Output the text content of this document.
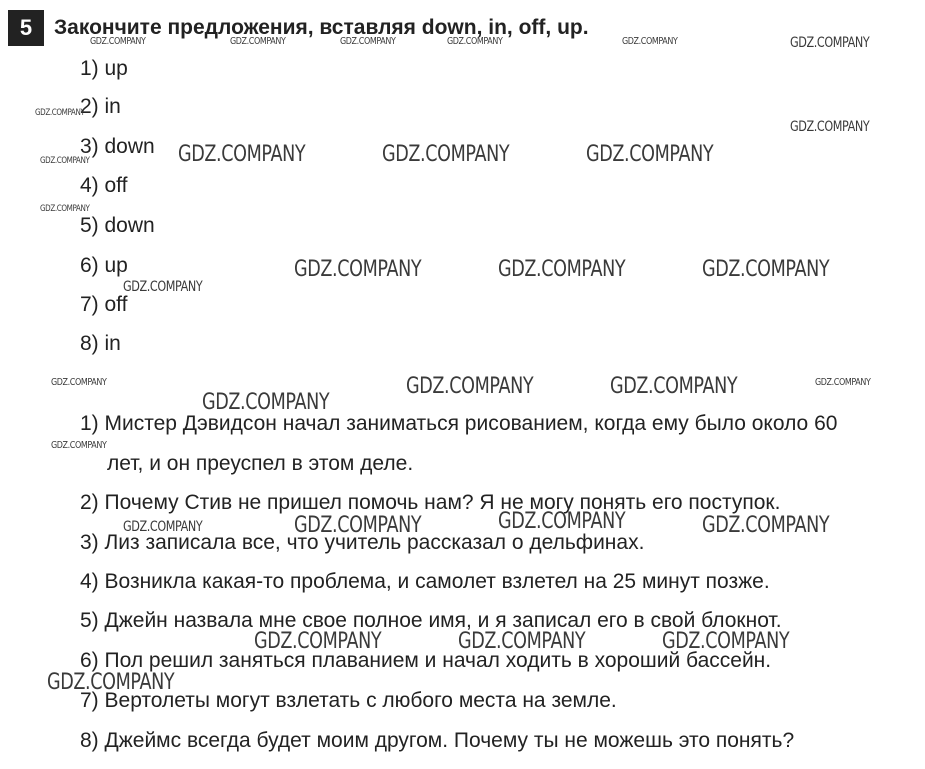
5	Закончите предложения, вставляя down, in, off, up.
1) up
2) in
3) down
4) off
5) down
6) up
7) off
8) in
1) Мистер Дэвидсон начал заниматься рисованием, когда ему было около 60
лет, и он преуспел в этом деле.
2) Почему Стив не пришел помочь нам? Я не могу понять его поступок.
3) Лиз записала все, что учитель рассказал о дельфинах.
4) Возникла какая-то проблема, и самолет взлетел на 25 минут позже.
5) Джейн назвала мне свое полное имя, и я записал его в свой блокнот.
6) Пол решил заняться плаванием и начал ходить в хороший бассейн.
7) Вертолеты могут взлетать с любого места на земле.
8) Джеймс всегда будет моим другом. Почему ты не можешь это понять?
GDZ.COMPANY	GDZ.COMPANY	GDZ.COMPANY	GDZ.COMPANY	GDZ.COMPANY	GDZ.COMPANY
GDZ.COMPANY
GDZ.COMPANY
GDZ.COMPANY	GDZ.COMPANY	GDZ.COMPANY	GDZ.COMPANY
GDZ.COMPANY
GDZ.COMPANY	GDZ.COMPANY	GDZ.COMPANY
GDZ.COMPANY
GDZ.COMPANY	GDZ.COMPANY	GDZ.COMPANY	GDZ.COMPANY
GDZ.COMPANY
GDZ.COMPANY
GDZ.COMPANY	GDZ.COMPANY	GDZ.COMPANY	GDZ.COMPANY
GDZ.COMPANY	GDZ.COMPANY	GDZ.COMPANY
GDZ.COMPANY
